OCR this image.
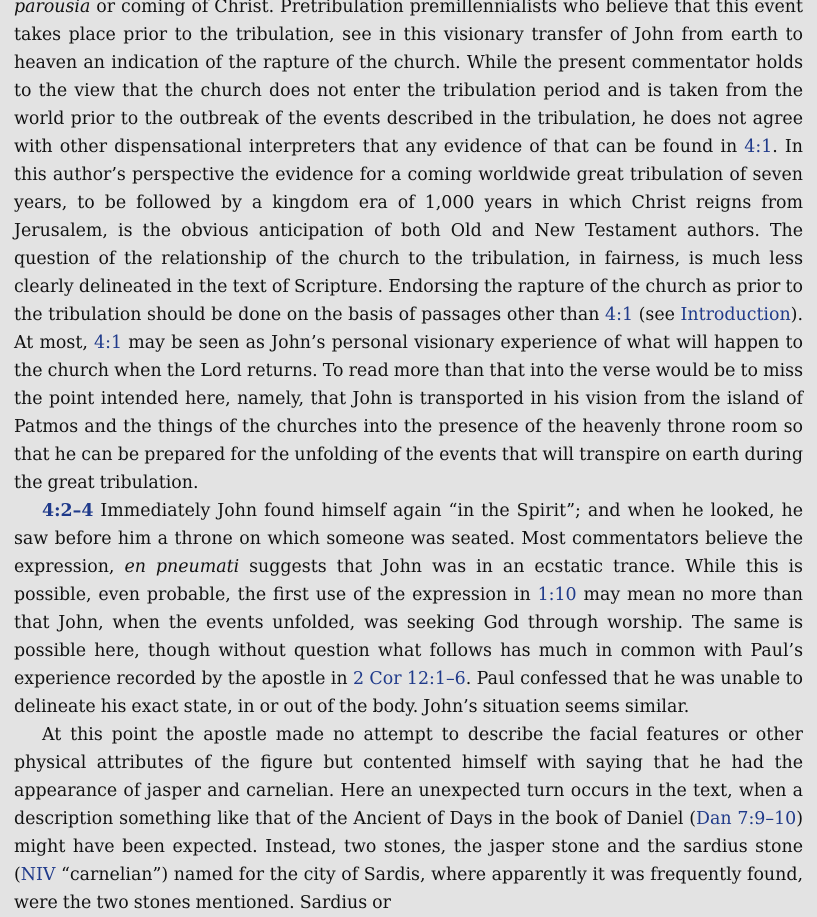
parousia or coming of Christ. Pretribulation premillennialists who believe that this event takes place prior to the tribulation, see in this visionary transfer of John from earth to heaven an indication of the rapture of the church. While the present commentator holds to the view that the church does not enter the tribulation period and is taken from the world prior to the outbreak of the events described in the tribulation, he does not agree with other dispensational interpreters that any evidence of that can be found in 4:1. In this author’s perspective the evidence for a coming worldwide great tribulation of seven years, to be followed by a kingdom era of 1,000 years in which Christ reigns from Jerusalem, is the obvious anticipation of both Old and New Testament authors. The question of the relationship of the church to the tribulation, in fairness, is much less clearly delineated in the text of Scripture. Endorsing the rapture of the church as prior to the tribulation should be done on the basis of passages other than 4:1 (see Introduction). At most, 4:1 may be seen as John’s personal visionary experience of what will happen to the church when the Lord returns. To read more than that into the verse would be to miss the point intended here, namely, that John is transported in his vision from the island of Patmos and the things of the churches into the presence of the heavenly throne room so that he can be prepared for the unfolding of the events that will transpire on earth during the great tribulation.

4:2–4 Immediately John found himself again “in the Spirit”; and when he looked, he saw before him a throne on which someone was seated. Most commentators believe the expression, en pneumati suggests that John was in an ecstatic trance. While this is possible, even probable, the first use of the expression in 1:10 may mean no more than that John, when the events unfolded, was seeking God through worship. The same is possible here, though without question what follows has much in common with Paul’s experience recorded by the apostle in 2 Cor 12:1–6. Paul confessed that he was unable to delineate his exact state, in or out of the body. John’s situation seems similar.

At this point the apostle made no attempt to describe the facial features or other physical attributes of the figure but contented himself with saying that he had the appearance of jasper and carnelian. Here an unexpected turn occurs in the text, when a description something like that of the Ancient of Days in the book of Daniel (Dan 7:9–10) might have been expected. Instead, two stones, the jasper stone and the sardius stone (NIV “carnelian”) named for the city of Sardis, where apparently it was frequently found, were the two stones mentioned. Sardius or
